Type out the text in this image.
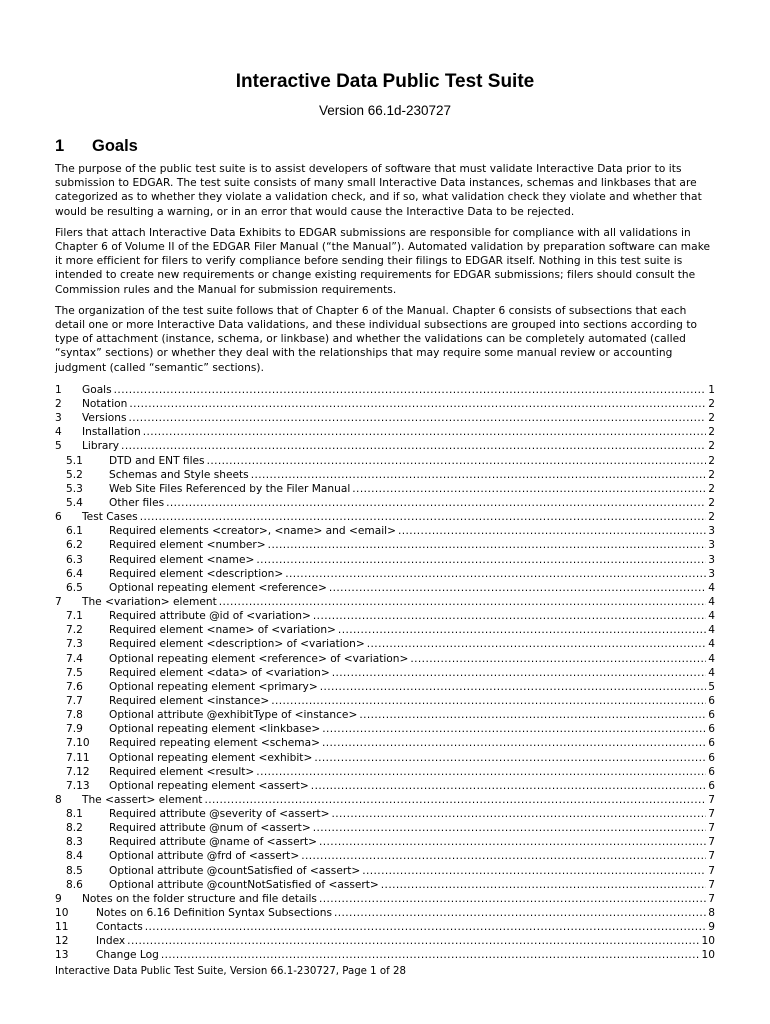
Interactive Data Public Test Suite
Version 66.1d-230727
1	Goals

The purpose of the public test suite is to assist developers of software that must validate Interactive Data prior to its submission to EDGAR. The test suite consists of many small Interactive Data instances, schemas and linkbases that are categorized as to whether they violate a validation check, and if so, what validation check they violate and whether that would be resulting a warning, or in an error that would cause the Interactive Data to be rejected.

Filers that attach Interactive Data Exhibits to EDGAR submissions are responsible for compliance with all validations in Chapter 6 of Volume II of the EDGAR Filer Manual (“the Manual”). Automated validation by preparation software can make it more efficient for filers to verify compliance before sending their filings to EDGAR itself. Nothing in this test suite is intended to create new requirements or change existing requirements for EDGAR submissions; filers should consult the Commission rules and the Manual for submission requirements.

The organization of the test suite follows that of Chapter 6 of the Manual. Chapter 6 consists of subsections that each detail one or more Interactive Data validations, and these individual subsections are grouped into sections according to type of attachment (instance, schema, or linkbase) and whether the validations can be completely automated (called “syntax” sections) or whether they deal with the relationships that may require some manual review or accounting judgment (called “semantic” sections).

1	Goals .....	1
2	Notation .....	2
3	Versions .....	2
4	Installation .....	2
5	Library .....	2
5.1	DTD and ENT files .....	2
5.2	Schemas and Style sheets .....	2
5.3	Web Site Files Referenced by the Filer Manual .....	2
5.4	Other files .....	2
6	Test Cases .....	2
6.1	Required elements <creator>, <name> and <email> .....	3
6.2	Required element <number> .....	3
6.3	Required element <name> .....	3
6.4	Required element <description> .....	3
6.5	Optional repeating element <reference> .....	4
7	The <variation> element .....	4
7.1	Required attribute @id of <variation> .....	4
7.2	Required element <name> of <variation> .....	4
7.3	Required element <description> of <variation> .....	4
7.4	Optional repeating element <reference> of <variation> .....	4
7.5	Required element <data> of <variation> .....	4
7.6	Optional repeating element <primary> .....	5
7.7	Required element <instance> .....	6
7.8	Optional attribute @exhibitType of <instance> .....	6
7.9	Optional repeating element <linkbase> .....	6
7.10	Required repeating element <schema> .....	6
7.11	Optional repeating element <exhibit> .....	6
7.12	Required element <result> .....	6
7.13	Optional repeating element <assert> .....	6
8	The <assert> element .....	7
8.1	Required attribute @severity of <assert> .....	7
8.2	Required attribute @num of <assert> .....	7
8.3	Required attribute @name of <assert> .....	7
8.4	Optional attribute @frd of <assert> .....	7
8.5	Optional attribute @countSatisfied of <assert> .....	7
8.6	Optional attribute @countNotSatisfied of <assert> .....	7
9	Notes on the folder structure and file details .....	7
10	Notes on 6.16 Definition Syntax Subsections .....	8
11	Contacts .....	9
12	Index .....	10
13	Change Log .....	10
Interactive Data Public Test Suite, Version 66.1-230727, Page 1 of 28
